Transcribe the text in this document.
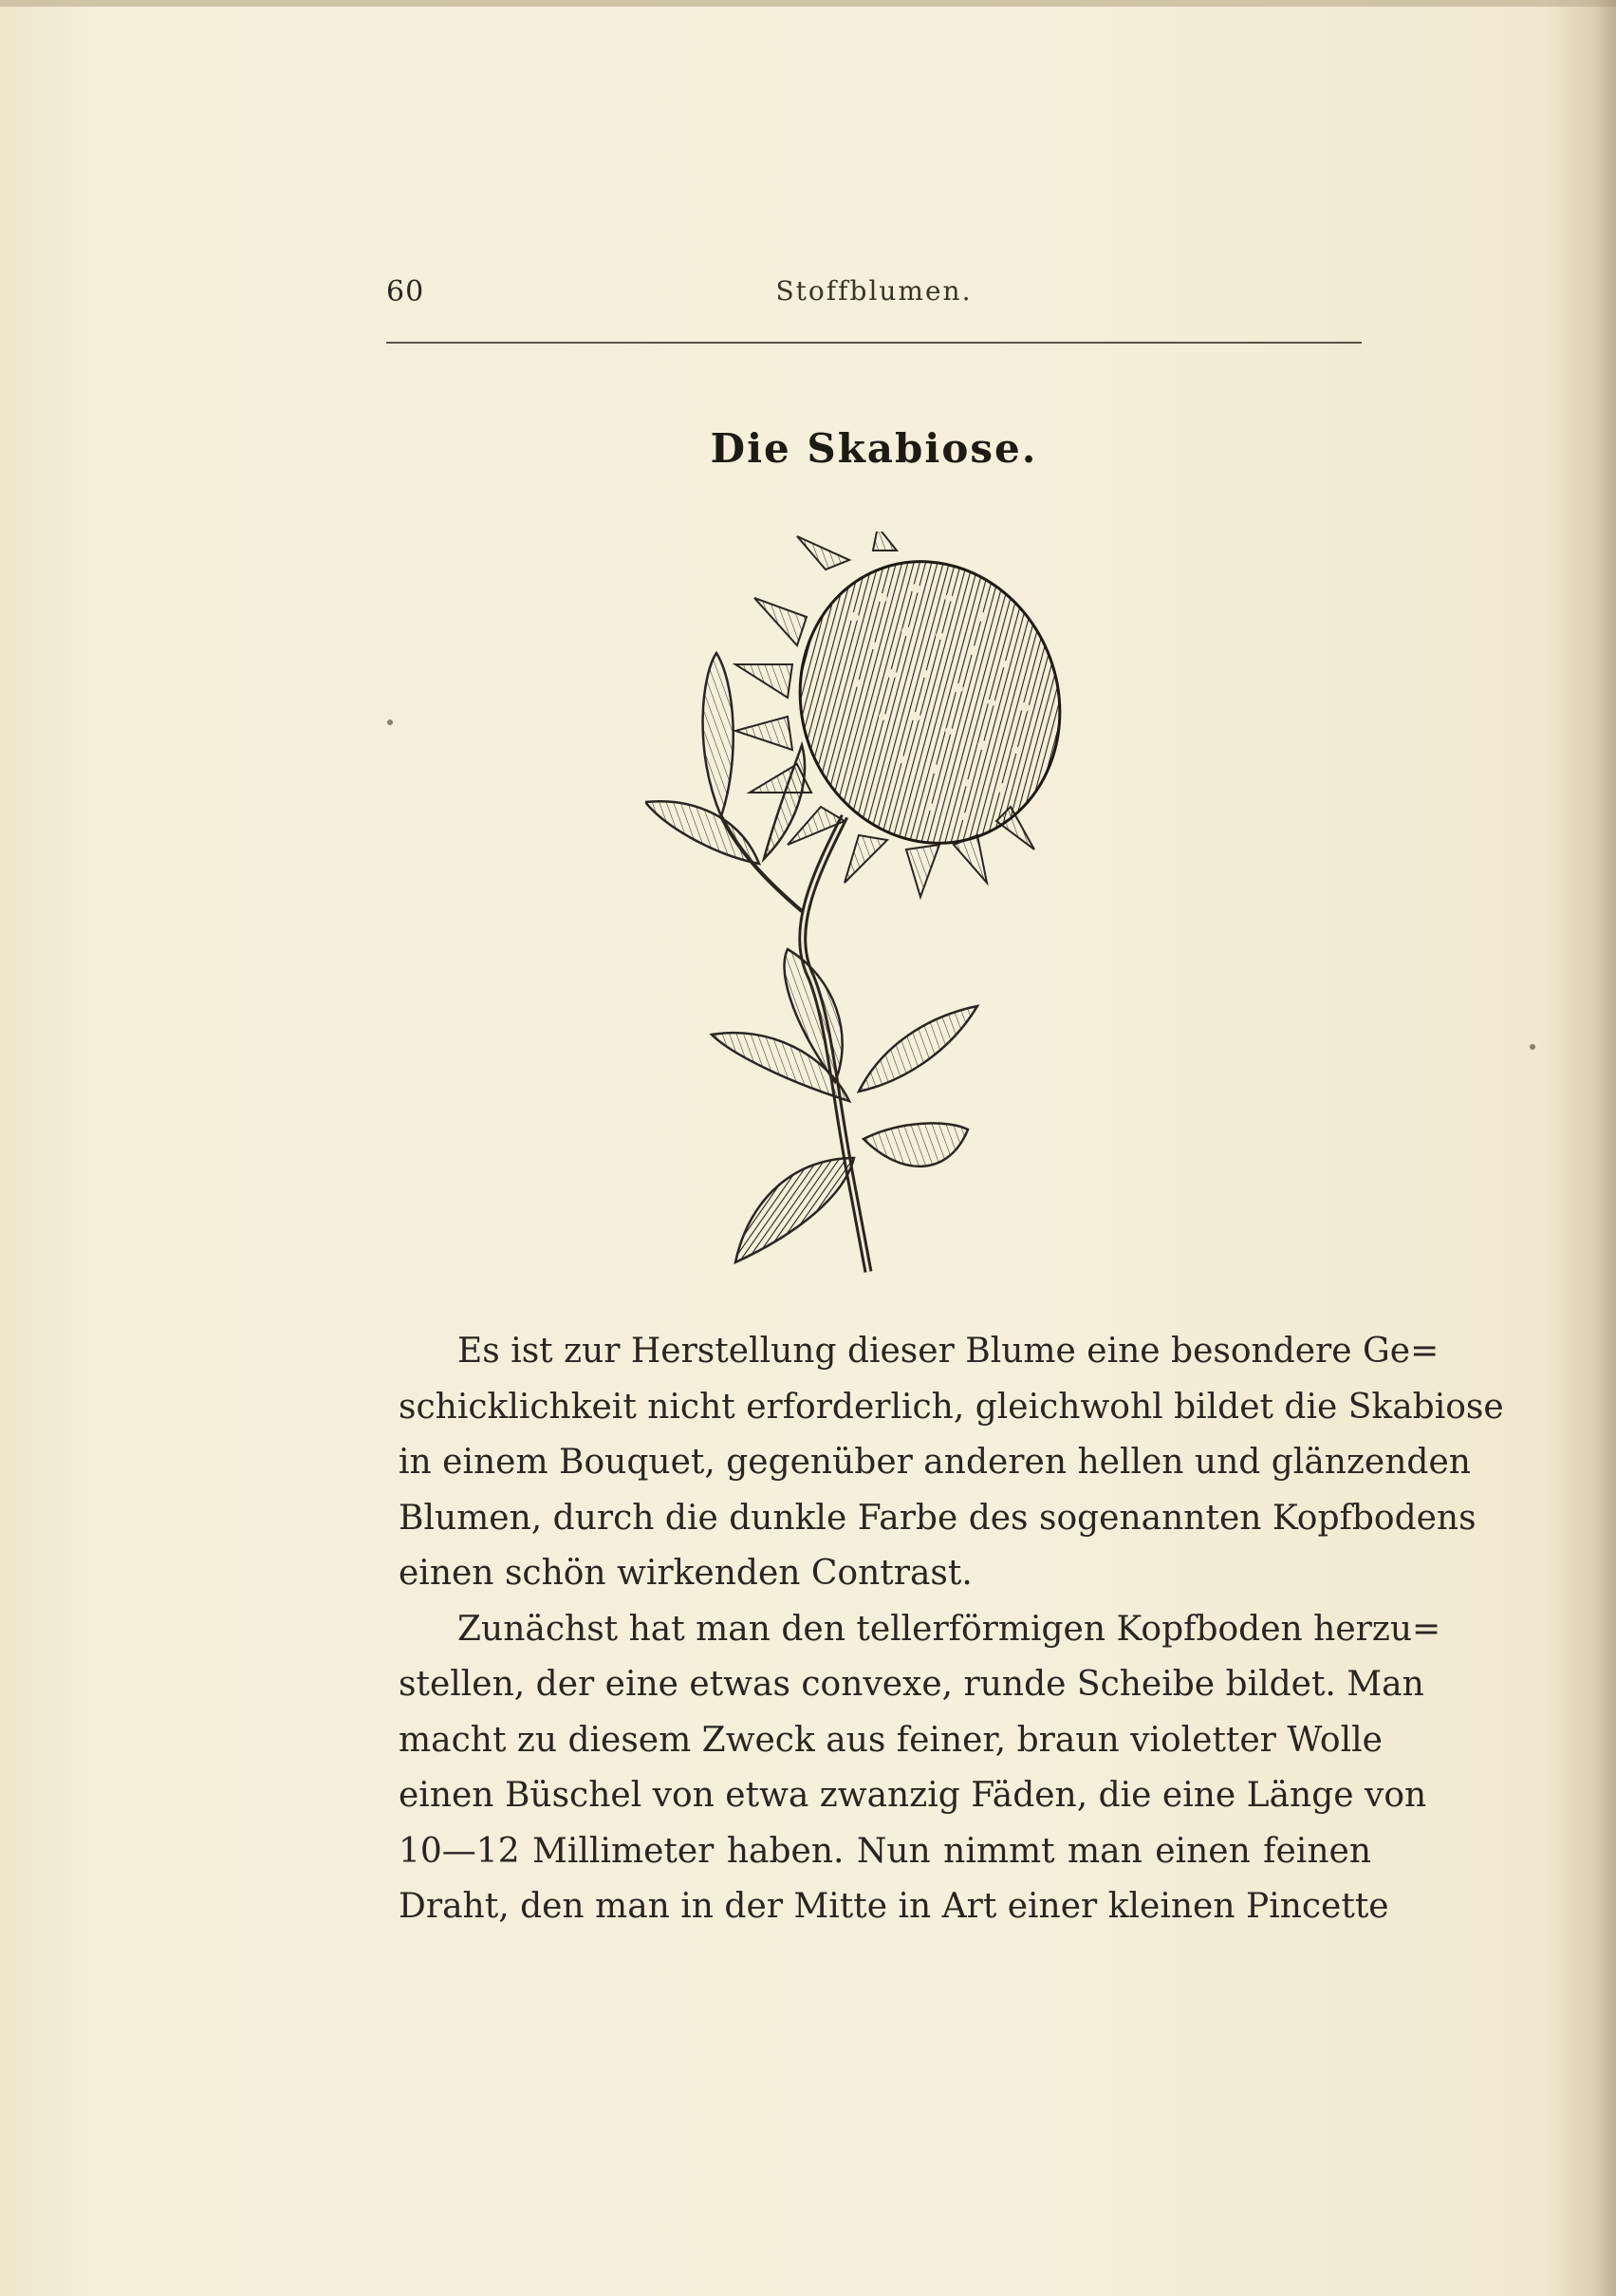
60	Stoffblumen.
Die Skabiose.

Es ist zur Herstellung dieser Blume eine besondere Ge=
schicklichkeit nicht erforderlich, gleichwohl bildet die Skabiose
in einem Bouquet, gegenüber anderen hellen und glänzenden
Blumen, durch die dunkle Farbe des sogenannten Kopfbodens
einen schön wirkenden Contrast.

Zunächst hat man den tellerförmigen Kopfboden herzu=
stellen, der eine etwas convexe, runde Scheibe bildet. Man
macht zu diesem Zweck aus feiner, braun violetter Wolle
einen Büschel von etwa zwanzig Fäden, die eine Länge von
10—12 Millimeter haben. Nun nimmt man einen feinen
Draht, den man in der Mitte in Art einer kleinen Pincette
